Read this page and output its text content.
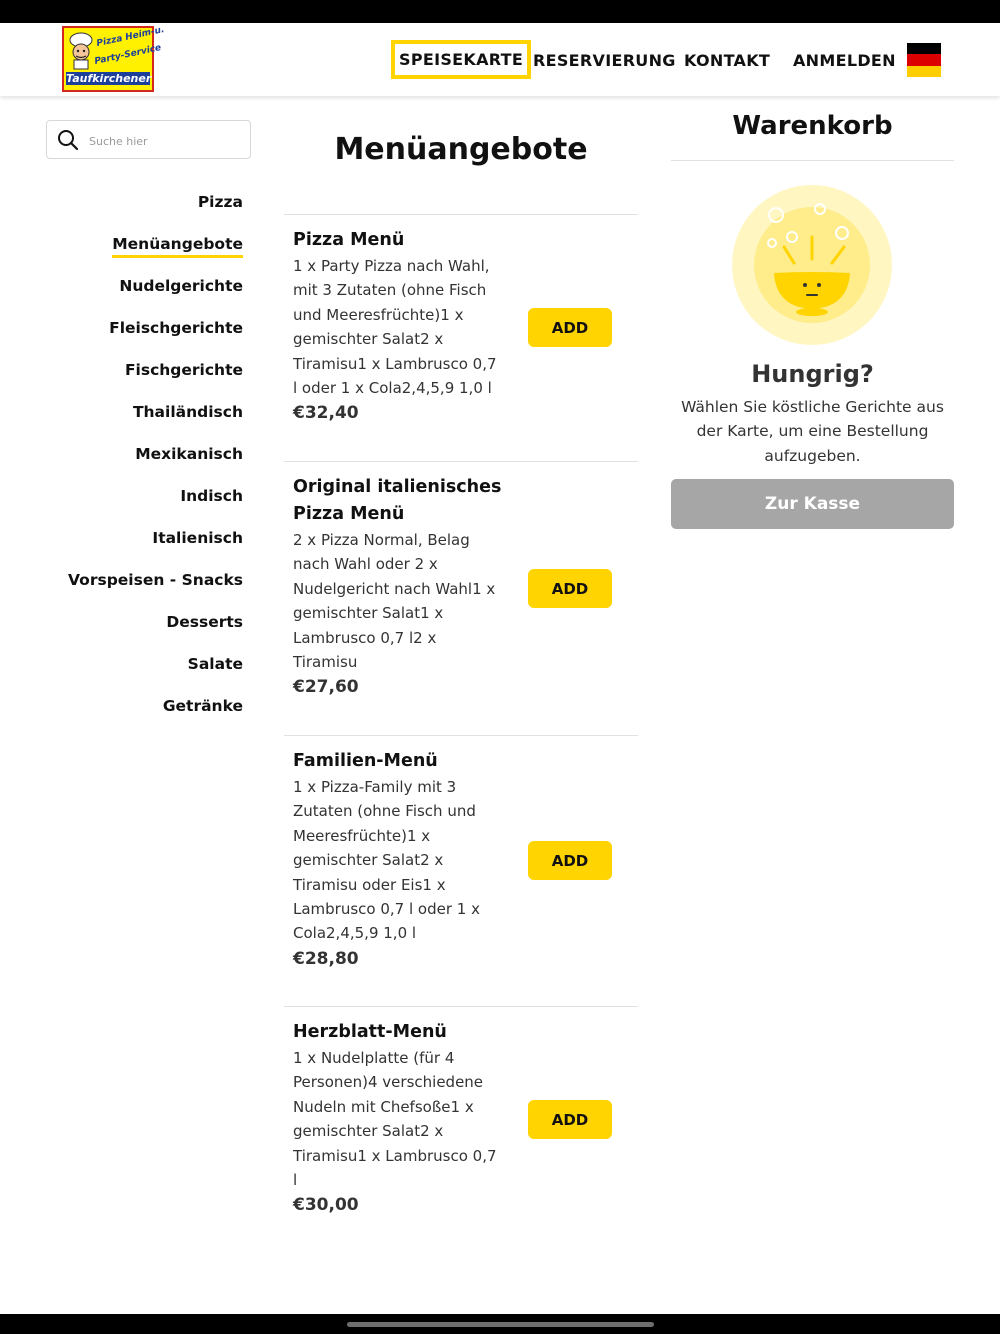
Pizza Heim-u.
Party-Service
Taufkirchener
SPEISEKARTE RESERVIERUNG KONTAKT ANMELDEN
Suche hier
Pizza
Menüangebote
Nudelgerichte
Fleischgerichte
Fischgerichte
Thailändisch
Mexikanisch
Indisch
Italienisch
Vorspeisen - Snacks
Desserts
Salate
Getränke
Menüangebote
Pizza Menü
1 x Party Pizza nach Wahl, mit 3 Zutaten (ohne Fisch und Meeresfrüchte)1 x gemischter Salat2 x Tiramisu1 x Lambrusco 0,7 l oder 1 x Cola2,4,5,9 1,0 l
€32,40
ADD
Original italienisches Pizza Menü
2 x Pizza Normal, Belag nach Wahl oder 2 x Nudelgericht nach Wahl1 x gemischter Salat1 x Lambrusco 0,7 l2 x Tiramisu
€27,60
ADD
Familien-Menü
1 x Pizza-Family mit 3 Zutaten (ohne Fisch und Meeresfrüchte)1 x gemischter Salat2 x Tiramisu oder Eis1 x Lambrusco 0,7 l oder 1 x Cola2,4,5,9 1,0 l
€28,80
ADD
Herzblatt-Menü
1 x Nudelplatte (für 4 Personen)4 verschiedene Nudeln mit Chefsoße1 x gemischter Salat2 x Tiramisu1 x Lambrusco 0,7 l
€30,00
ADD
Warenkorb
Hungrig?
Wählen Sie köstliche Gerichte aus der Karte, um eine Bestellung aufzugeben.
Zur Kasse
